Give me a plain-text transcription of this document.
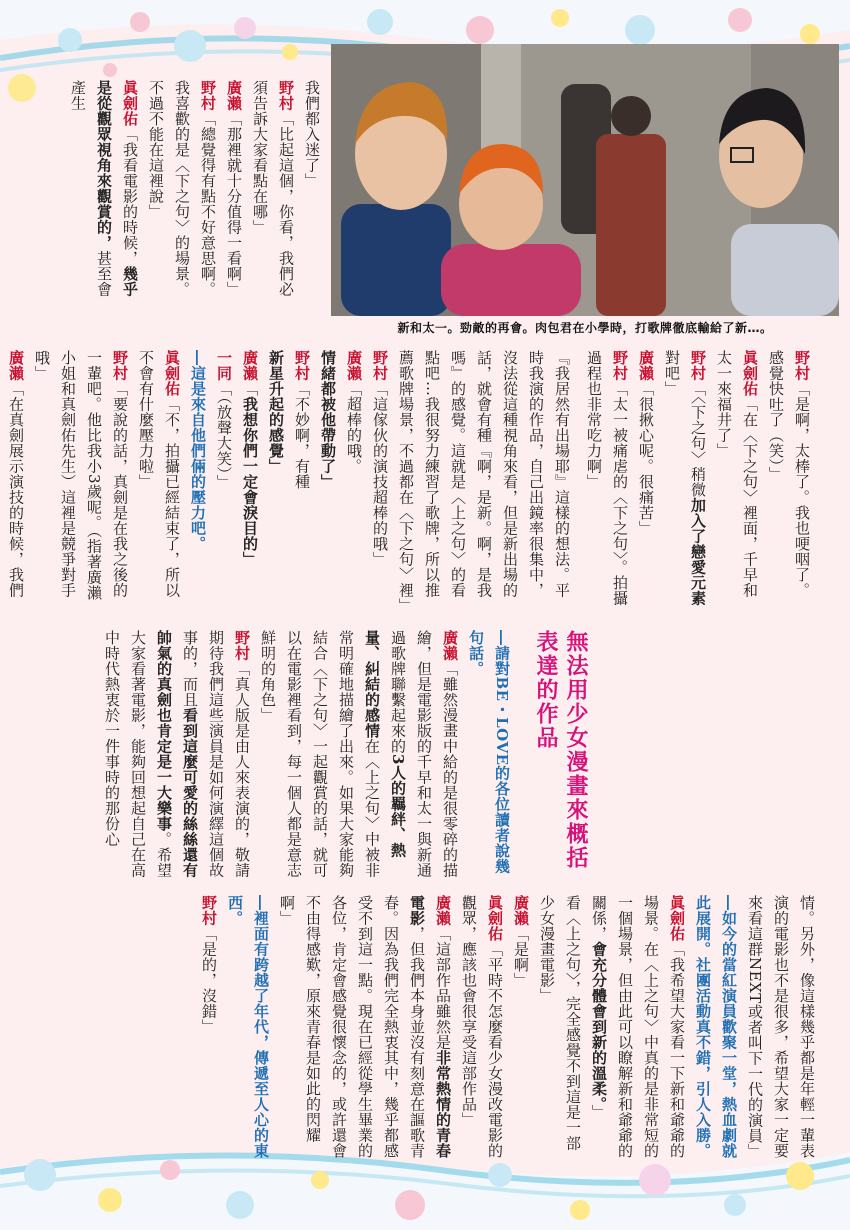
新和太一。勁敵的再會。肉包君在小學時，打歌牌徹底輸給了新…。
我們都入迷了」
野村「比起這個，你看，我們必須告訴大家看點在哪」
廣瀨「那裡就十分值得一看啊」
野村「總覺得有點不好意思啊。我喜歡的是〈下之句〉的場景。不過不能在這裡說」
眞劍佑「我看電影的時候，幾乎是從觀眾視角來觀賞的，甚至會產生
野村「是啊，太棒了。我也哽咽了。感覺快吐了（笑）」
眞劍佑「在〈下之句〉裡面，千早和太一來福井了」
野村「〈下之句〉稍微加入了戀愛元素對吧」
廣瀨「很揪心呢。很痛苦」
野村「太一被痛虐的〈下之句〉。拍攝過程也非常吃力啊」
『我居然有出場耶』這樣的想法。平時我演的作品，自己出鏡率很集中，沒法從這種視角來看，但是新出場的話，就會有種『啊，是新。啊，是我嗎』的感覺。這就是〈上之句〉的看點吧…我很努力練習了歌牌，所以推薦歌牌場景，不過都在〈下之句〉裡」
野村「這傢伙的演技超棒的哦」
廣瀨「超棒的哦。情緒都被他帶動了」
野村「不妙啊，有種新星升起的感覺」
廣瀨「我想你們一定會淚目的」
一同「（放聲大笑）」
―這是來自他們倆的壓力吧。
眞劍佑「不，拍攝已經結束了，所以不會有什麼壓力啦」
野村「要說的話，真劍是在我之後的一輩吧。他比我小3歲呢。（指著廣瀨小姐和真劍佑先生）這裡是競爭對手哦」
廣瀨「在真劍展示演技的時候，我們
無法用少女漫畫來概括表達的作品
情。另外，像這樣幾乎都是年輕一輩表演的電影也不是很多，希望大家一定要來看這群NEXT或者叫下一代的演員」
―如今的當紅演員歡聚一堂，熱血劇就此展開。社團活動真不錯，引人入勝。
眞劍佑「我希望大家看一下新和爺爺的場景。在〈上之句〉中真的是非常短的一個場景，但由此可以瞭解新和爺爺的關係，會充分體會到新的溫柔。」
看〈上之句〉，完全感覺不到這是一部少女漫畫電影」
廣瀨「是啊」
眞劍佑「平時不怎麼看少女漫改電影的觀眾，應該也會很享受這部作品」
廣瀨「這部作品雖然是非常熱情的青春電影，但我們本身並沒有刻意在謳歌青春。因為我們完全熱衷其中，幾乎都感受不到這一點。現在已經從學生畢業的各位，肯定會感覺很懷念的，或許還會不由得感歎，原來青春是如此的閃耀啊」
―裡面有跨越了年代，傳遞至人心的東西。
野村「是的，沒錯」
―請對BE・LOVE的各位讀者說幾句話。
廣瀨「雖然漫畫中給的是很零碎的描繪，但是電影版的千早和太一與新通過歌牌聯繫起來的3人的羈絆、熱量、糾結的感情在〈上之句〉中被非常明確地描繪了出來。如果大家能夠結合〈下之句〉一起觀賞的話，就可以在電影裡看到，每一個人都是意志鮮明的角色」
野村「真人版是由人來表演的，敬請期待我們這些演員是如何演繹這個故事的，而且看到這麼可愛的絲絲還有帥氣的真劍也肯定是一大樂事。希望大家看著電影，能夠回想起自己在高中時代熱衷於一件事時的那份心
